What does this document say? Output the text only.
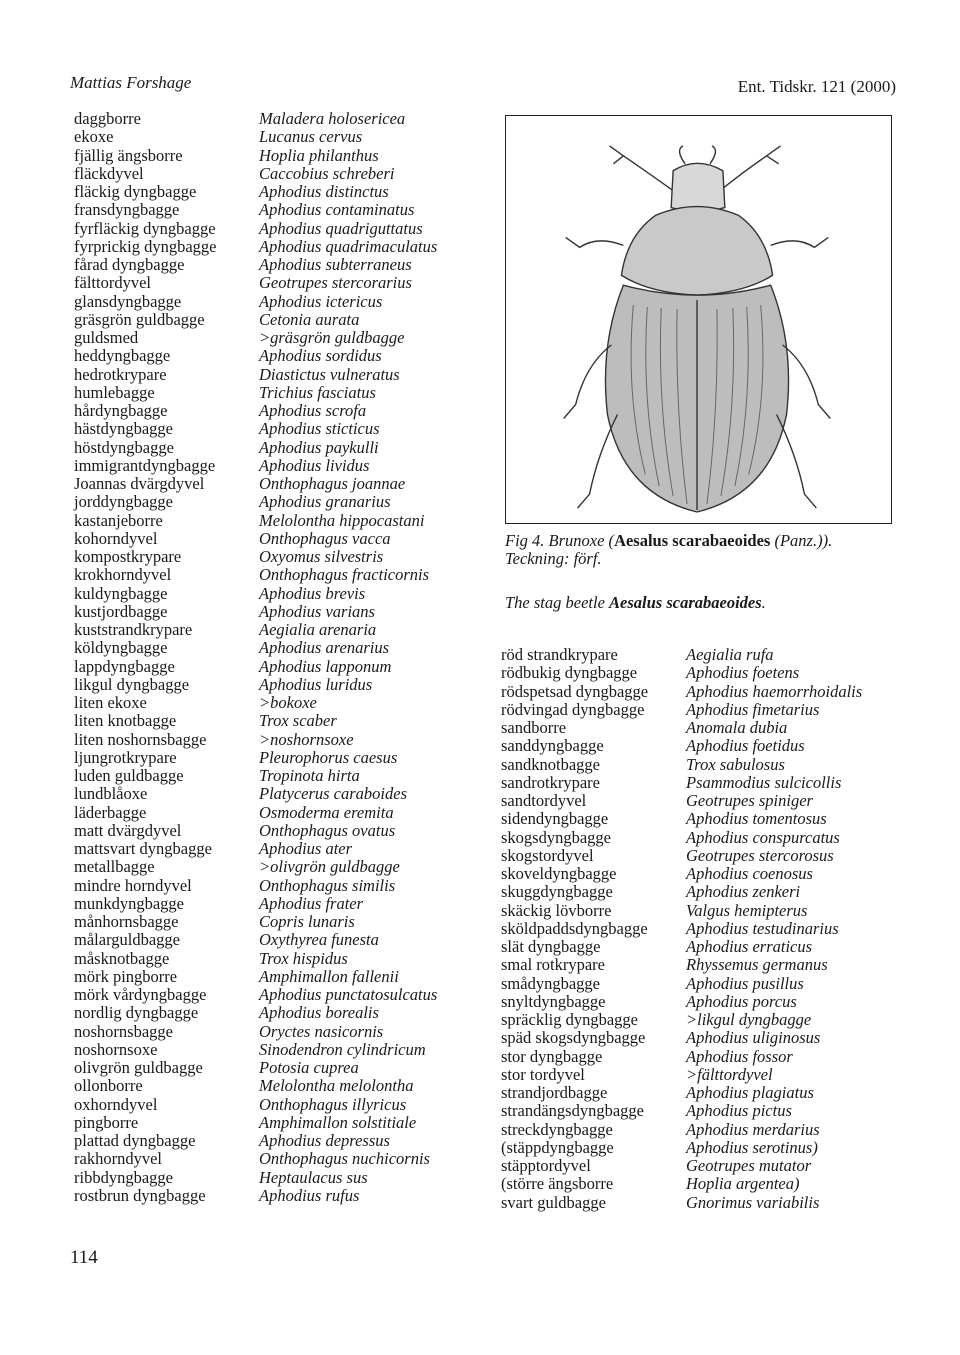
Mattias Forshage	Ent. Tidskr. 121 (2000)
daggborre
ekoxe
fjällig ängsborre
fläckdyvel
fläckig dyngbagge
fransdyngbagge
fyrfläckig dyngbagge
fyrprickig dyngbagge
fårad dyngbagge
fälttordyvel
glansdyngbagge
gräsgrön guldbagge
guldsmed
heddyngbagge
hedrotkrypare
humlebagge
hårdyngbagge
hästdyngbagge
höstdyngbagge
immigrantdyngbagge
Joannas dvärgdyvel
jorddyngbagge
kastanjeborre
kohorndyvel
kompostkrypare
krokhorndyvel
kuldyngbagge
kustjordbagge
kuststrandkrypare
köldyngbagge
lappdyngbagge
likgul dyngbagge
liten ekoxe
liten knotbagge
liten noshornsbagge
ljungrotkrypare
luden guldbagge
lundblåoxe
läderbagge
matt dvärgdyvel
mattsvart dyngbagge
metallbagge
mindre horndyvel
munkdyngbagge
månhornsbagge
målarguldbagge
måsknotbagge
mörk pingborre
mörk vårdyngbagge
nordlig dyngbagge
noshornsbagge
noshornsoxe
olivgrön guldbagge
ollonborre
oxhorndyvel
pingborre
plattad dyngbagge
rakhorndyvel
ribbdyngbagge
rostbrun dyngbagge
Maladera holosericea
Lucanus cervus
Hoplia philanthus
Caccobius schreberi
Aphodius distinctus
Aphodius contaminatus
Aphodius quadriguttatus
Aphodius quadrimaculatus
Aphodius subterraneus
Geotrupes stercorarius
Aphodius ictericus
Cetonia aurata
>gräsgrön guldbagge
Aphodius sordidus
Diastictus vulneratus
Trichius fasciatus
Aphodius scrofa
Aphodius sticticus
Aphodius paykulli
Aphodius lividus
Onthophagus joannae
Aphodius granarius
Melolontha hippocastani
Onthophagus vacca
Oxyomus silvestris
Onthophagus fracticornis
Aphodius brevis
Aphodius varians
Aegialia arenaria
Aphodius arenarius
Aphodius lapponum
Aphodius luridus
>bokoxe
Trox scaber
>noshornsoxe
Pleurophorus caesus
Tropinota hirta
Platycerus caraboides
Osmoderma eremita
Onthophagus ovatus
Aphodius ater
>olivgrön guldbagge
Onthophagus similis
Aphodius frater
Copris lunaris
Oxythyrea funesta
Trox hispidus
Amphimallon fallenii
Aphodius punctatosulcatus
Aphodius borealis
Oryctes nasicornis
Sinodendron cylindricum
Potosia cuprea
Melolontha melolontha
Onthophagus illyricus
Amphimallon solstitiale
Aphodius depressus
Onthophagus nuchicornis
Heptaulacus sus
Aphodius rufus
Fig 4. Brunoxe (Aesalus scarabaeoides (Panz.)).
Teckning: förf.
The stag beetle Aesalus scarabaeoides.
röd strandkrypare
rödbukig dyngbagge
rödspetsad dyngbagge
rödvingad dyngbagge
sandborre
sanddyngbagge
sandknotbagge
sandrotkrypare
sandtordyvel
sidendyngbagge
skogsdyngbagge
skogstordyvel
skoveldyngbagge
skuggdyngbagge
skäckig lövborre
sköldpaddsdyngbagge
slät dyngbagge
smal rotkrypare
smådyngbagge
snyltdyngbagge
spräcklig dyngbagge
späd skogsdyngbagge
stor dyngbagge
stor tordyvel
strandjordbagge
strandängsdyngbagge
streckdyngbagge
(stäppdyngbagge
stäpptordyvel
(större ängsborre
svart guldbagge
Aegialia rufa
Aphodius foetens
Aphodius haemorrhoidalis
Aphodius fimetarius
Anomala dubia
Aphodius foetidus
Trox sabulosus
Psammodius sulcicollis
Geotrupes spiniger
Aphodius tomentosus
Aphodius conspurcatus
Geotrupes stercorosus
Aphodius coenosus
Aphodius zenkeri
Valgus hemipterus
Aphodius testudinarius
Aphodius erraticus
Rhyssemus germanus
Aphodius pusillus
Aphodius porcus
>likgul dyngbagge
Aphodius uliginosus
Aphodius fossor
>fälttordyvel
Aphodius plagiatus
Aphodius pictus
Aphodius merdarius
Aphodius serotinus)
Geotrupes mutator
Hoplia argentea)
Gnorimus variabilis
114
